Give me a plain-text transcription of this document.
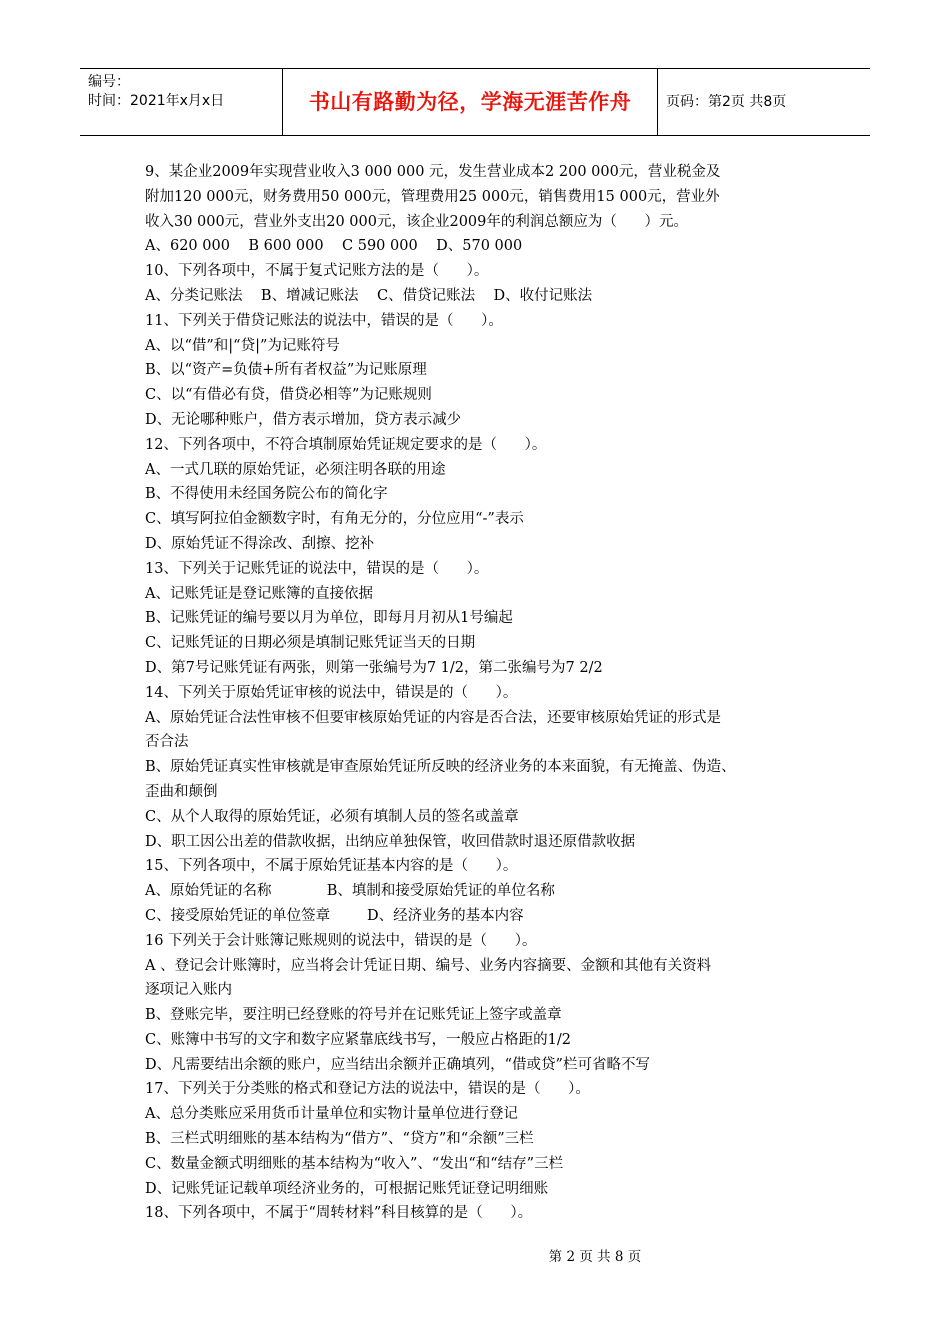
编号：
时间：2021年x月x日	书山有路勤为径，学海无涯苦作舟	页码：第2页 共8页
9、某企业2009年实现营业收入3 000 000 元，发生营业成本2 200 000元，营业税金及
附加120 000元，财务费用50 000元，管理费用25 000元，销售费用15 000元，营业外
收入30 000元，营业外支出20 000元，该企业2009年的利润总额应为（      ）元。
A、620 000    B 600 000    C 590 000    D、570 000
10、下列各项中，不属于复式记账方法的是（      ）。
A、分类记账法    B、增减记账法    C、借贷记账法    D、收付记账法
11、下列关于借贷记账法的说法中，错误的是（      ）。
A、以“借”和|“贷|”为记账符号
B、以“资产=负债+所有者权益”为记账原理
C、以“有借必有贷，借贷必相等”为记账规则
D、无论哪种账户，借方表示增加，贷方表示减少
12、下列各项中，不符合填制原始凭证规定要求的是（      ）。
A、一式几联的原始凭证，必须注明各联的用途
B、不得使用未经国务院公布的简化字
C、填写阿拉伯金额数字时，有角无分的，分位应用“-”表示
D、原始凭证不得涂改、刮擦、挖补
13、下列关于记账凭证的说法中，错误的是（      ）。
A、记账凭证是登记账簿的直接依据
B、记账凭证的编号要以月为单位，即每月月初从1号编起
C、记账凭证的日期必须是填制记账凭证当天的日期
D、第7号记账凭证有两张，则第一张编号为7 1/2，第二张编号为7 2/2
14、下列关于原始凭证审核的说法中，错误是的（      ）。
A、原始凭证合法性审核不但要审核原始凭证的内容是否合法，还要审核原始凭证的形式是
否合法
B、原始凭证真实性审核就是审查原始凭证所反映的经济业务的本来面貌，有无掩盖、伪造、
歪曲和颠倒
C、从个人取得的原始凭证，必须有填制人员的签名或盖章
D、职工因公出差的借款收据，出纳应单独保管，收回借款时退还原借款收据
15、下列各项中，不属于原始凭证基本内容的是（      ）。
A、原始凭证的名称            B、填制和接受原始凭证的单位名称
C、接受原始凭证的单位签章        D、经济业务的基本内容
16 下列关于会计账簿记账规则的说法中，错误的是（      ）。
A 、登记会计账簿时，应当将会计凭证日期、编号、业务内容摘要、金额和其他有关资料
逐项记入账内
B、登账完毕，要注明已经登账的符号并在记账凭证上签字或盖章
C、账簿中书写的文字和数字应紧靠底线书写，一般应占格距的1/2
D、凡需要结出余额的账户，应当结出余额并正确填列，“借或贷”栏可省略不写
17、下列关于分类账的格式和登记方法的说法中，错误的是（      ）。
A、总分类账应采用货币计量单位和实物计量单位进行登记
B、三栏式明细账的基本结构为“借方”、“贷方”和“余额”三栏
C、数量金额式明细账的基本结构为“收入”、“发出“和“结存”三栏
D、记账凭证记载单项经济业务的，可根据记账凭证登记明细账
18、下列各项中，不属于“周转材料”科目核算的是（      ）。
第 2 页 共 8 页
